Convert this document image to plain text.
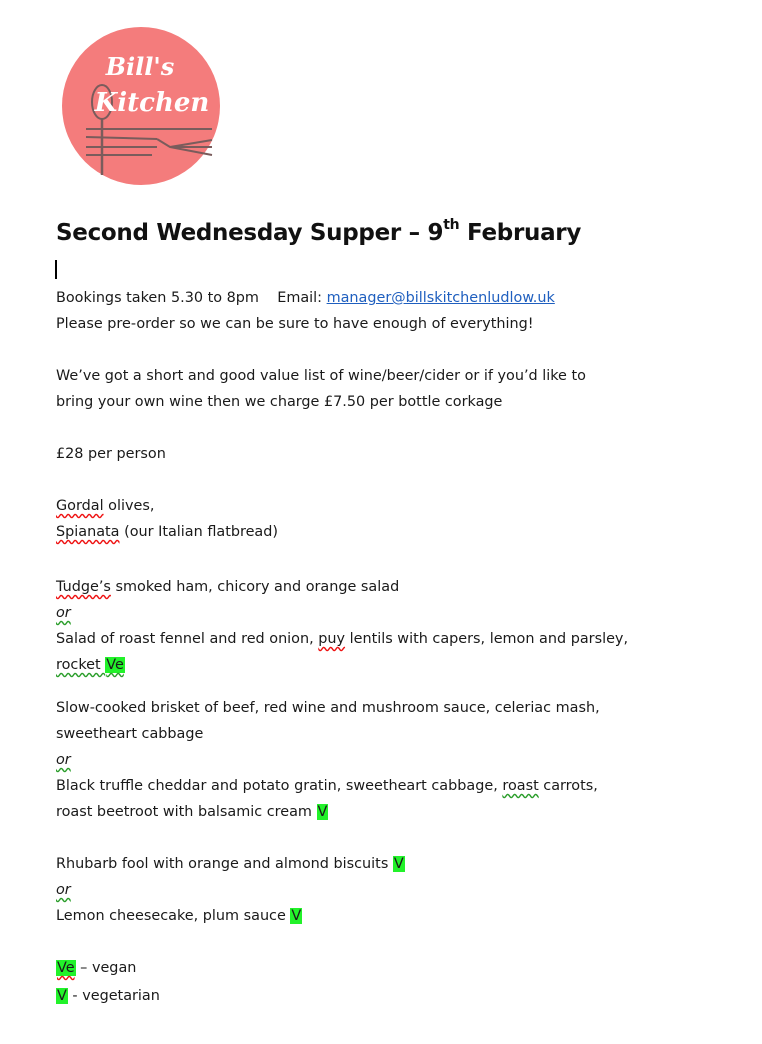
Bill's
Kitchen
Second Wednesday Supper – 9th February

Bookings taken 5.30 to 8pm Email: manager@billskitchenludlow.uk

Please pre-order so we can be sure to have enough of everything!

We’ve got a short and good value list of wine/beer/cider or if you’d like to

bring your own wine then we charge £7.50 per bottle corkage

£28 per person

Gordal olives,

Spianata (our Italian flatbread)

Tudge’s smoked ham, chicory and orange salad

or

Salad of roast fennel and red onion, puy lentils with capers, lemon and parsley,

rocket Ve

Slow-cooked brisket of beef, red wine and mushroom sauce, celeriac mash,

sweetheart cabbage

or

Black truffle cheddar and potato gratin, sweetheart cabbage, roast carrots,

roast beetroot with balsamic cream V

Rhubarb fool with orange and almond biscuits V

or

Lemon cheesecake, plum sauce V

Ve – vegan

V - vegetarian
